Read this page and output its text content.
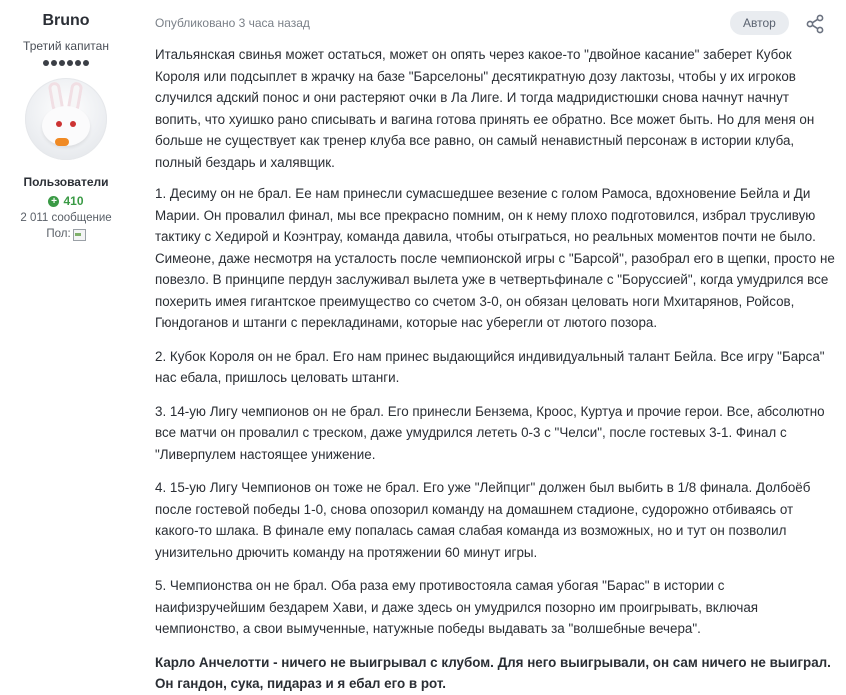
Bruno
Третий капитан
Пользователи
+ 410
2 011 сообщение
Пол:
Опубликовано 3 часа назад	Автор

Итальянская свинья может остаться, может он опять через какое-то "двойное касание" заберет Кубок Короля или подсыплет в жрачку на базе "Барселоны" десятикратную дозу лактозы, чтобы у их игроков случился адский понос и они растеряют очки в Ла Лиге. И тогда мадридистюшки снова начнут начнут вопить, что хуишко рано списывать и вагина готова принять ее обратно. Все может быть. Но для меня он больше не существует как тренер клуба все равно, он самый ненавистный персонаж в истории клуба, полный бездарь и халявщик.

1. Десиму он не брал. Ее нам принесли сумасшедшее везение с голом Рамоса, вдохновение Бейла и Ди Марии. Он провалил финал, мы все прекрасно помним, он к нему плохо подготовился, избрал трусливую тактику с Хедирой и Коэнтрау, команда давила, чтобы отыграться, но реальных моментов почти не было. Симеоне, даже несмотря на усталость после чемпионской игры с "Барсой", разобрал его в щепки, просто не повезло. В принципе пердун заслуживал вылета уже в четвертьфинале с "Боруссией", когда умудрился все похерить имея гигантское преимущество со счетом 3-0, он обязан целовать ноги Мхитарянов, Ройсов, Гюндоганов и штанги с перекладинами, которые нас уберегли от лютого позора.

2. Кубок Короля он не брал. Его нам принес выдающийся индивидуальный талант Бейла. Все игру "Барса" нас ебала, пришлось целовать штанги.

3. 14-ую Лигу чемпионов он не брал. Его принесли Бензема, Кроос, Куртуа и прочие герои. Все, абсолютно все матчи он провалил с треском, даже умудрился лететь 0-3 с "Челси", после гостевых 3-1. Финал с "Ливерпулем настоящее унижение.

4. 15-ую Лигу Чемпионов он тоже не брал. Его уже "Лейпциг" должен был выбить в 1/8 финала. Долбоёб после гостевой победы 1-0, снова опозорил команду на домашнем стадионе, судорожно отбиваясь от какого-то шлака. В финале ему попалась самая слабая команда из возможных, но и тут он позволил унизительно дрючить команду на протяжении 60 минут игры.

5. Чемпионства он не брал. Оба раза ему противостояла самая убогая "Барас" в истории с наифизручейшим бездарем Хави, и даже здесь он умудрился позорно им проигрывать, включая чемпионство, а свои вымученные, натужные победы выдавать за "волшебные вечера".

Карло Анчелотти - ничего не выигрывал с клубом. Для него выигрывали, он сам ничего не выиграл. Он гандон, сука, пидараз и я ебал его в рот.
